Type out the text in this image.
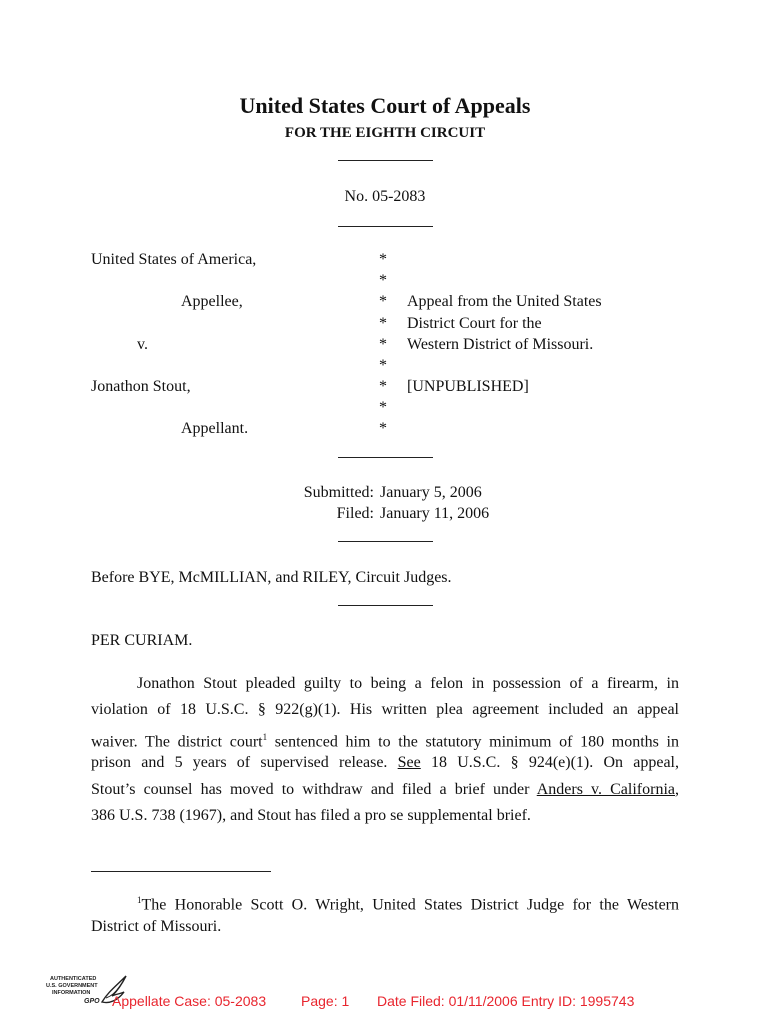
United States Court of Appeals
FOR THE EIGHTH CIRCUIT
No. 05-2083
United States of America,
Appellee,
v.
Jonathon Stout,
Appellant.
*
*
*
*
*
*
*
*
*
Appeal from the United States
District Court for the
Western District of Missouri.
[UNPUBLISHED]
Submitted: January 5, 2006
Filed: January 11, 2006
Before BYE, McMILLIAN, and RILEY, Circuit Judges.
PER CURIAM.
Jonathon Stout pleaded guilty to being a felon in possession of a firearm, in
violation of 18 U.S.C. § 922(g)(1). His written plea agreement included an appeal
waiver. The district court$^1$ sentenced him to the statutory minimum of 180 months in
prison and 5 years of supervised release. See 18 U.S.C. § 924(e)(1). On appeal,
Stout’s counsel has moved to withdraw and filed a brief under Anders v. California,
386 U.S. 738 (1967), and Stout has filed a pro se supplemental brief.
$^1$The Honorable Scott O. Wright, United States District Judge for the Western
District of Missouri.
AUTHENTICATED
U.S. GOVERNMENT
INFORMATION
GPO Appellate Case: 05-2083 Page: 1 Date Filed: 01/11/2006 Entry ID: 1995743
